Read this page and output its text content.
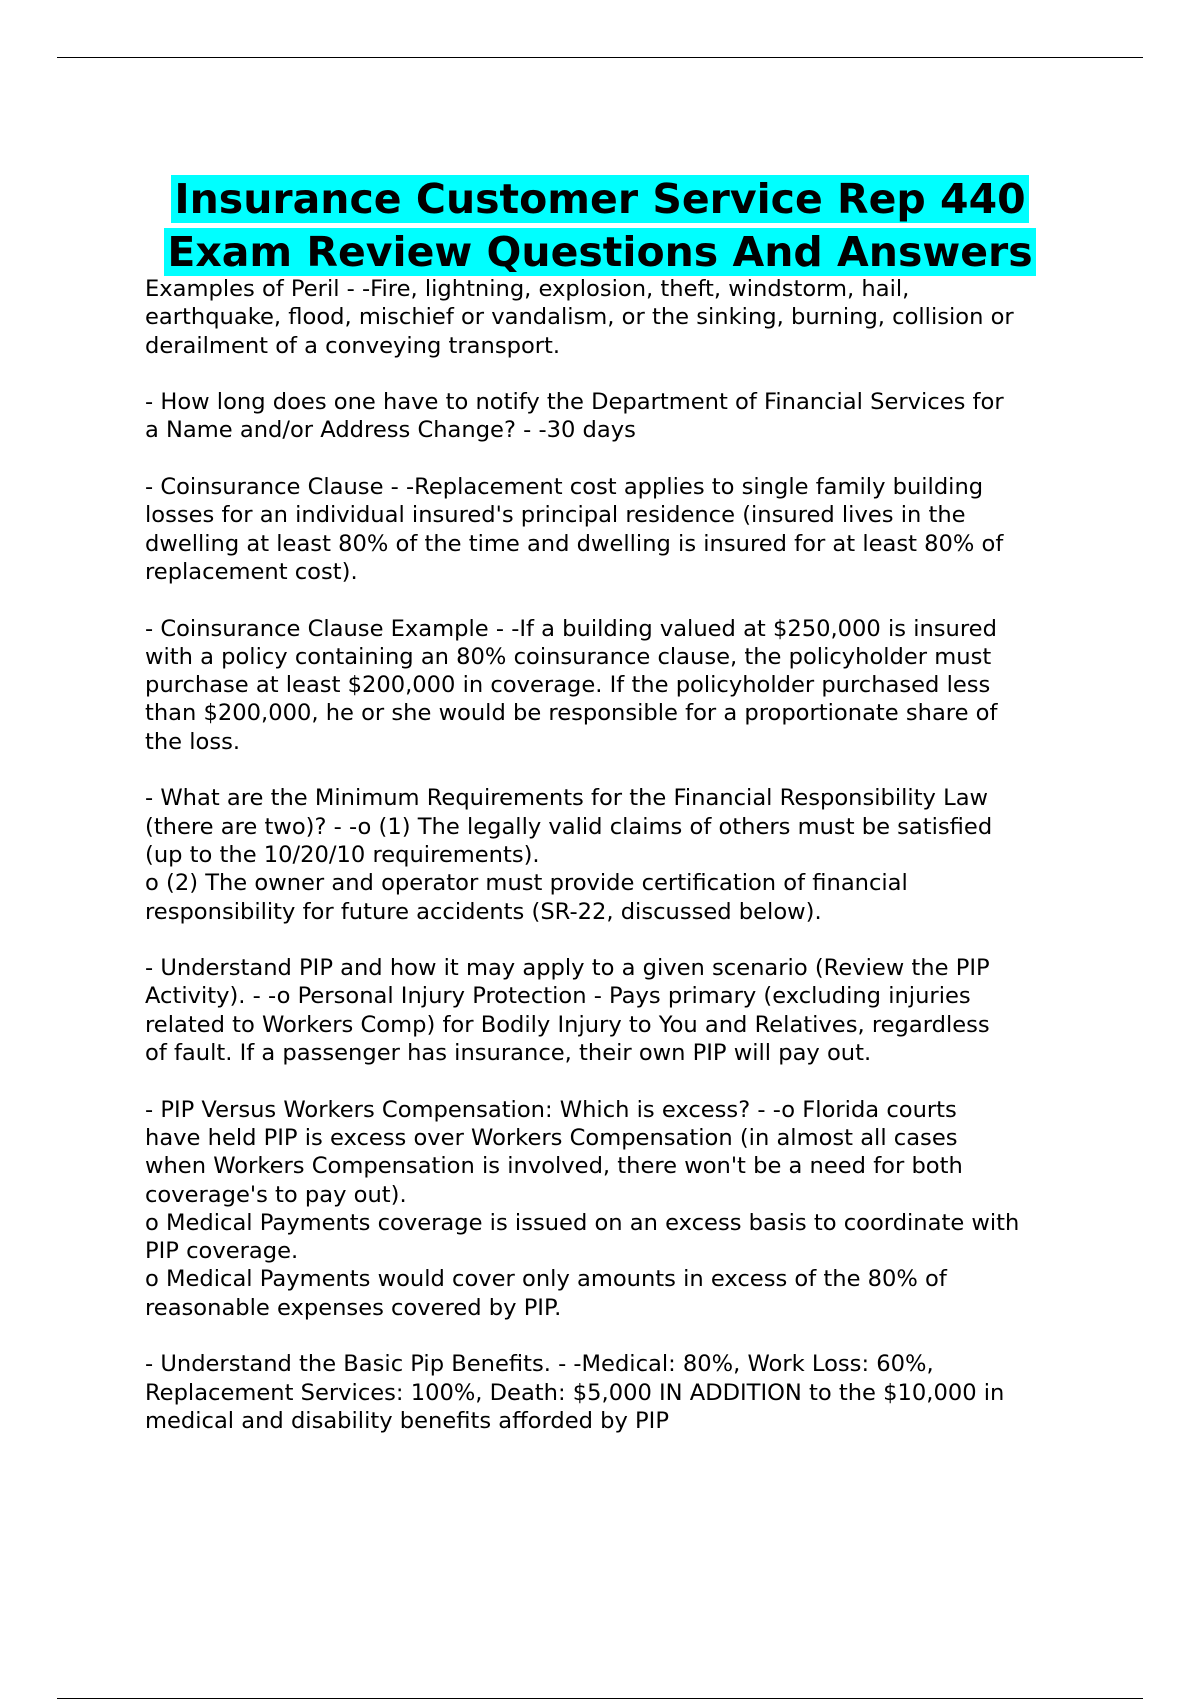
Insurance Customer Service Rep 440
Exam Review Questions And Answers
Examples of Peril - -Fire, lightning, explosion, theft, windstorm, hail,
earthquake, flood, mischief or vandalism, or the sinking, burning, collision or
derailment of a conveying transport.
- How long does one have to notify the Department of Financial Services for
a Name and/or Address Change? - -30 days
- Coinsurance Clause - -Replacement cost applies to single family building
losses for an individual insured's principal residence (insured lives in the
dwelling at least 80% of the time and dwelling is insured for at least 80% of
replacement cost).
- Coinsurance Clause Example - -If a building valued at $250,000 is insured
with a policy containing an 80% coinsurance clause, the policyholder must
purchase at least $200,000 in coverage. If the policyholder purchased less
than $200,000, he or she would be responsible for a proportionate share of
the loss.
- What are the Minimum Requirements for the Financial Responsibility Law
(there are two)? - -o (1) The legally valid claims of others must be satisfied
(up to the 10/20/10 requirements).
o (2) The owner and operator must provide certification of financial
responsibility for future accidents (SR-22, discussed below).
- Understand PIP and how it may apply to a given scenario (Review the PIP
Activity). - -o Personal Injury Protection - Pays primary (excluding injuries
related to Workers Comp) for Bodily Injury to You and Relatives, regardless
of fault. If a passenger has insurance, their own PIP will pay out.
- PIP Versus Workers Compensation: Which is excess? - -o Florida courts
have held PIP is excess over Workers Compensation (in almost all cases
when Workers Compensation is involved, there won't be a need for both
coverage's to pay out).
o Medical Payments coverage is issued on an excess basis to coordinate with
PIP coverage.
o Medical Payments would cover only amounts in excess of the 80% of
reasonable expenses covered by PIP.
- Understand the Basic Pip Benefits. - -Medical: 80%, Work Loss: 60%,
Replacement Services: 100%, Death: $5,000 IN ADDITION to the $10,000 in
medical and disability benefits afforded by PIP
